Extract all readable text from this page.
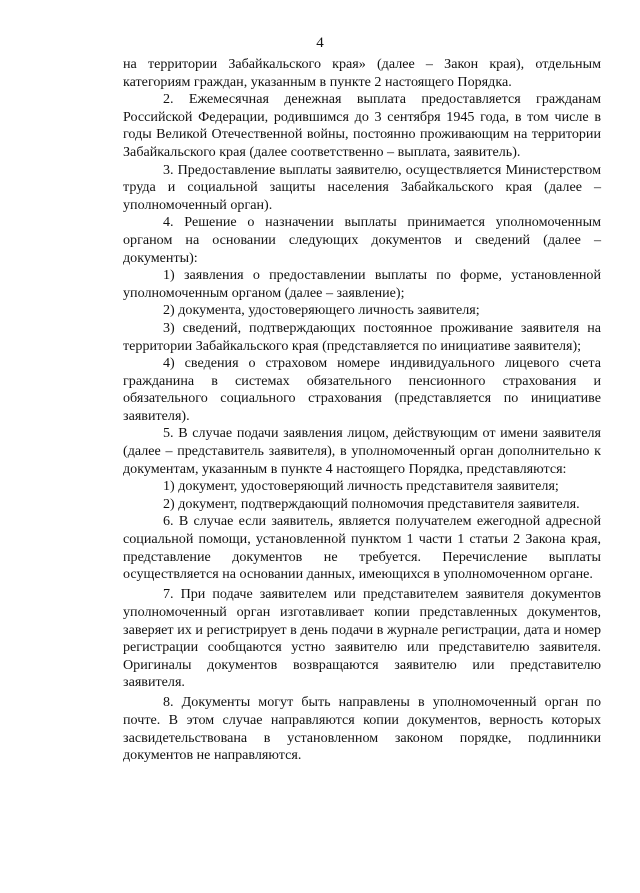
4

на территории Забайкальского края» (далее – Закон края), отдельным категориям граждан, указанным в пункте 2 настоящего Порядка.

2. Ежемесячная денежная выплата предоставляется гражданам Российской Федерации, родившимся до 3 сентября 1945 года, в том числе в годы Великой Отечественной войны, постоянно проживающим на территории Забайкальского края (далее соответственно – выплата, заявитель).

3. Предоставление выплаты заявителю, осуществляется Министерством труда и социальной защиты населения Забайкальского края (далее – уполномоченный орган).

4. Решение о назначении выплаты принимается уполномоченным органом на основании следующих документов и сведений (далее – документы):

1) заявления о предоставлении выплаты по форме, установленной уполномоченным органом (далее – заявление);

2) документа, удостоверяющего личность заявителя;

3) сведений, подтверждающих постоянное проживание заявителя на территории Забайкальского края (представляется по инициативе заявителя);

4) сведения о страховом номере индивидуального лицевого счета гражданина в системах обязательного пенсионного страхования и обязательного социального страхования (представляется по инициативе заявителя).

5. В случае подачи заявления лицом, действующим от имени заявителя (далее – представитель заявителя), в уполномоченный орган дополнительно к документам, указанным в пункте 4 настоящего Порядка, представляются:

1) документ, удостоверяющий личность представителя заявителя;

2) документ, подтверждающий полномочия представителя заявителя.

6. В случае если заявитель, является получателем ежегодной адресной социальной помощи, установленной пунктом 1 части 1 статьи 2 Закона края, представление документов не требуется. Перечисление выплаты осуществляется на основании данных, имеющихся в уполномоченном органе.

7. При подаче заявителем или представителем заявителя документов уполномоченный орган изготавливает копии представленных документов, заверяет их и регистрирует в день подачи в журнале регистрации, дата и номер регистрации сообщаются устно заявителю или представителю заявителя. Оригиналы документов возвращаются заявителю или представителю заявителя.

8. Документы могут быть направлены в уполномоченный орган по почте. В этом случае направляются копии документов, верность которых засвидетельствована в установленном законом порядке, подлинники документов не направляются.
